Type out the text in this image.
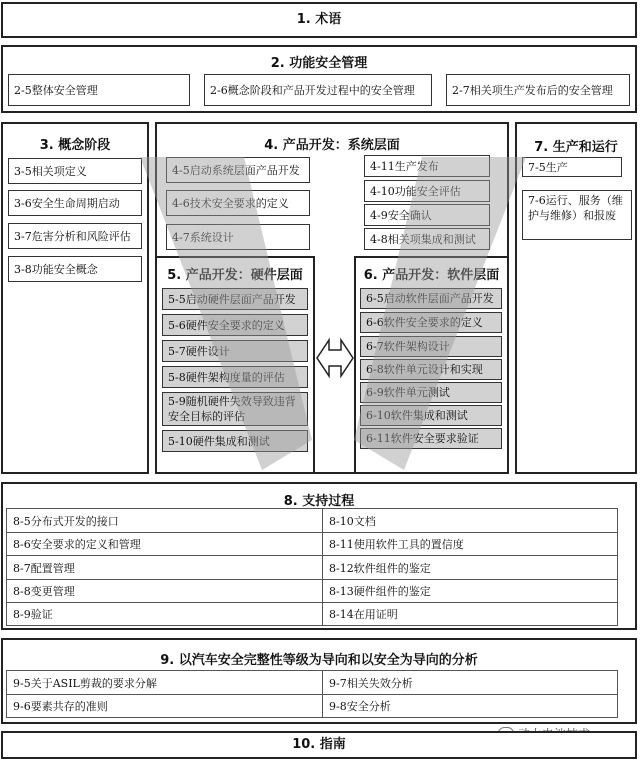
1. 术语
2. 功能安全管理
2-5整体安全管理	2-6概念阶段和产品开发过程中的安全管理	2-7相关项生产发布后的安全管理
3. 概念阶段
3-5相关项定义
3-6安全生命周期启动
3-7危害分析和风险评估
3-8功能安全概念
4. 产品开发：系统层面
4-5启动系统层面产品开发
4-6技术安全要求的定义
4-7系统设计
4-11生产发布
4-10功能安全评估
4-9安全确认
4-8相关项集成和测试
5. 产品开发：硬件层面
5-5启动硬件层面产品开发
5-6硬件安全要求的定义
5-7硬件设计
5-8硬件架构度量的评估
5-9随机硬件失效导致违背安全目标的评估
5-10硬件集成和测试
6. 产品开发：软件层面
6-5启动软件层面产品开发
6-6软件安全要求的定义
6-7软件架构设计
6-8软件单元设计和实现
6-9软件单元测试
6-10软件集成和测试
6-11软件安全要求验证
7. 生产和运行
7-5生产
7-6运行、服务（维护与维修）和报废
8. 支持过程
8-5分布式开发的接口
8-6安全要求的定义和管理
8-7配置管理
8-8变更管理
8-9验证
8-10文档
8-11使用软件工具的置信度
8-12软件组件的鉴定
8-13硬件组件的鉴定
8-14在用证明
9. 以汽车安全完整性等级为导向和以安全为导向的分析
9-5关于ASIL剪裁的要求分解
9-6要素共存的准则
9-7相关失效分析
9-8安全分析
10. 指南
